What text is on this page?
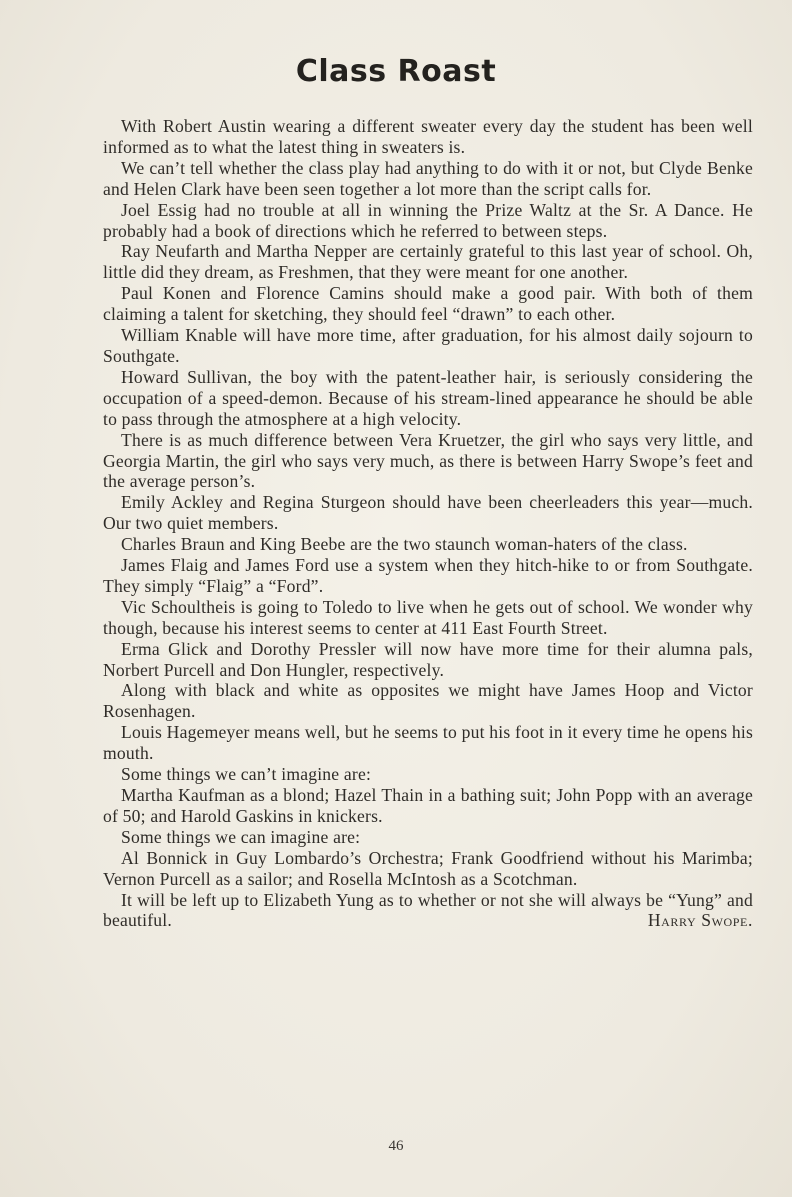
Class Roast

With Robert Austin wearing a different sweater every day the student has been well informed as to what the latest thing in sweaters is.

We can’t tell whether the class play had anything to do with it or not, but Clyde Benke and Helen Clark have been seen together a lot more than the script calls for.

Joel Essig had no trouble at all in winning the Prize Waltz at the Sr. A Dance. He probably had a book of directions which he referred to between steps.

Ray Neufarth and Martha Nepper are certainly grateful to this last year of school. Oh, little did they dream, as Freshmen, that they were meant for one another.

Paul Konen and Florence Camins should make a good pair. With both of them claiming a talent for sketching, they should feel “drawn” to each other.

William Knable will have more time, after graduation, for his almost daily sojourn to Southgate.

Howard Sullivan, the boy with the patent-leather hair, is seriously considering the occupation of a speed-demon. Because of his stream-lined appearance he should be able to pass through the atmosphere at a high velocity.

There is as much difference between Vera Kruetzer, the girl who says very little, and Georgia Martin, the girl who says very much, as there is between Harry Swope’s feet and the average person’s.

Emily Ackley and Regina Sturgeon should have been cheerleaders this year—much. Our two quiet members.

Charles Braun and King Beebe are the two staunch woman-haters of the class.

James Flaig and James Ford use a system when they hitch-hike to or from Southgate. They simply “Flaig” a “Ford”.

Vic Schoultheis is going to Toledo to live when he gets out of school. We wonder why though, because his interest seems to center at 411 East Fourth Street.

Erma Glick and Dorothy Pressler will now have more time for their alumna pals, Norbert Purcell and Don Hungler, respectively.

Along with black and white as opposites we might have James Hoop and Victor Rosenhagen.

Louis Hagemeyer means well, but he seems to put his foot in it every time he opens his mouth.

Some things we can’t imagine are:

Martha Kaufman as a blond; Hazel Thain in a bathing suit; John Popp with an average of 50; and Harold Gaskins in knickers.

Some things we can imagine are:

Al Bonnick in Guy Lombardo’s Orchestra; Frank Goodfriend without his Marimba; Vernon Purcell as a sailor; and Rosella McIntosh as a Scotchman.

It will be left up to Elizabeth Yung as to whether or not she will always be “Yung” and beautiful.	Harry Swope.

46
